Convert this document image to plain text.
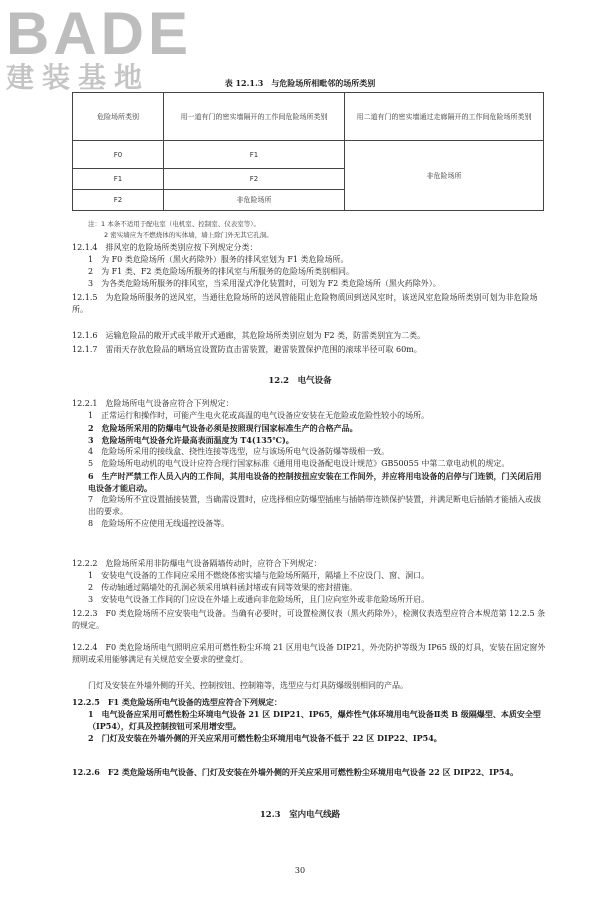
BADE
建装基地	表 12.1.3　与危险场所相毗邻的场所类别
危险场所类别	用一道有门的密实墙隔开的工作间危险场所类别	用二道有门的密实墙通过走廊隔开的工作间危险场所类别
F0	F1	非危险场所
F1	F2	
F2	非危险场所	
注：1 本条不适用于配电室（电机室、控制室、仪表室等）。
2 密实墙应为不燃烧体的实体墙，墙上除门外无其它孔洞。
12.1.4　排风室的危险场所类别应按下列规定分类：
1　为 F0 类危险场所（黑火药除外）服务的排风室划为 F1 类危险场所。
2　为 F1 类、F2 类危险场所服务的排风室与所服务的危险场所类别相同。
3　为各类危险场所服务的排风室，当采用湿式净化装置时，可划为 F2 类危险场所（黑火药除外）。
12.1.5　为危险场所服务的送风室，当通往危险场所的送风管能阻止危险物质回到送风室时，该送风室危险场所类别可划为非危险场所。
12.1.6　运输危险品的敞开式或半敞开式通廊，其危险场所类别应划为 F2 类，防雷类别宜为二类。
12.1.7　雷雨天存放危险品的晒场宜设置防直击雷装置，避雷装置保护范围的滚球半径可取 60m。
12.2　电气设备
12.2.1　危险场所电气设备应符合下列规定：
1　正常运行和操作时，可能产生电火花或高温的电气设备应安装在无危险或危险性较小的场所。
2　危险场所采用的防爆电气设备必须是按照现行国家标准生产的合格产品。
3　危险场所电气设备允许最高表面温度为 T4(135℃)。
4　危险场所采用的接线盒、挠性连接等选型，应与该场所电气设备防爆等级相一致。
5　危险场所电动机的电气设计应符合现行国家标准《通用用电设备配电设计规范》GB50055 中第二章电动机的规定。
6　生产时严禁工作人员入内的工作间，其用电设备的控制按扭应安装在工作间外，并应将用电设备的启停与门连锁，门关闭后用电设备才能启动。
7　危险场所不宜设置插接装置，当确需设置时，应选择相应防爆型插座与插销带连锁保护装置，并满足断电后插销才能插入或拔出的要求。
8　危险场所不应使用无线遥控设备等。
12.2.2　危险场所采用非防爆电气设备隔墙传动时，应符合下列规定：
1　安装电气设备的工作间应采用不燃烧体密实墙与危险场所隔开，隔墙上不应设门、窗、洞口。
2　传动轴通过隔墙处的孔洞必须采用填料函封堵或有同等效果的密封措施。
3　安装电气设备工作间的门应设在外墙上或通向非危险场所，且门应向室外或非危险场所开启。
12.2.3　F0 类危险场所不应安装电气设备。当确有必要时，可设置检测仪表（黑火药除外），检测仪表选型应符合本规范第 12.2.5 条的规定。
12.2.4　F0 类危险场所电气照明应采用可燃性粉尘环境 21 区用电气设备 DIP21，外壳防护等级为 IP65 级的灯具，安装在固定窗外照明或采用能够满足有关规范安全要求的壁龛灯。
门灯及安装在外墙外侧的开关、控制按钮、控制箱等，选型应与灯具防爆级别相同的产品。
12.2.5　F1 类危险场所电气设备的选型应符合下列规定：
1　电气设备应采用可燃性粉尘环境电气设备 21 区 DIP21、IP65，爆炸性气体环境用电气设备Ⅱ类 B 级隔爆型、本质安全型（IP54），灯具及控制按钮可采用增安型。
2　门灯及安装在外墙外侧的开关应采用可燃性粉尘环境用电气设备不低于 22 区 DIP22、IP54。
12.2.6　F2 类危险场所电气设备、门灯及安装在外墙外侧的开关应采用可燃性粉尘环境用电气设备 22 区 DIP22、IP54。
12.3　室内电气线路
30
